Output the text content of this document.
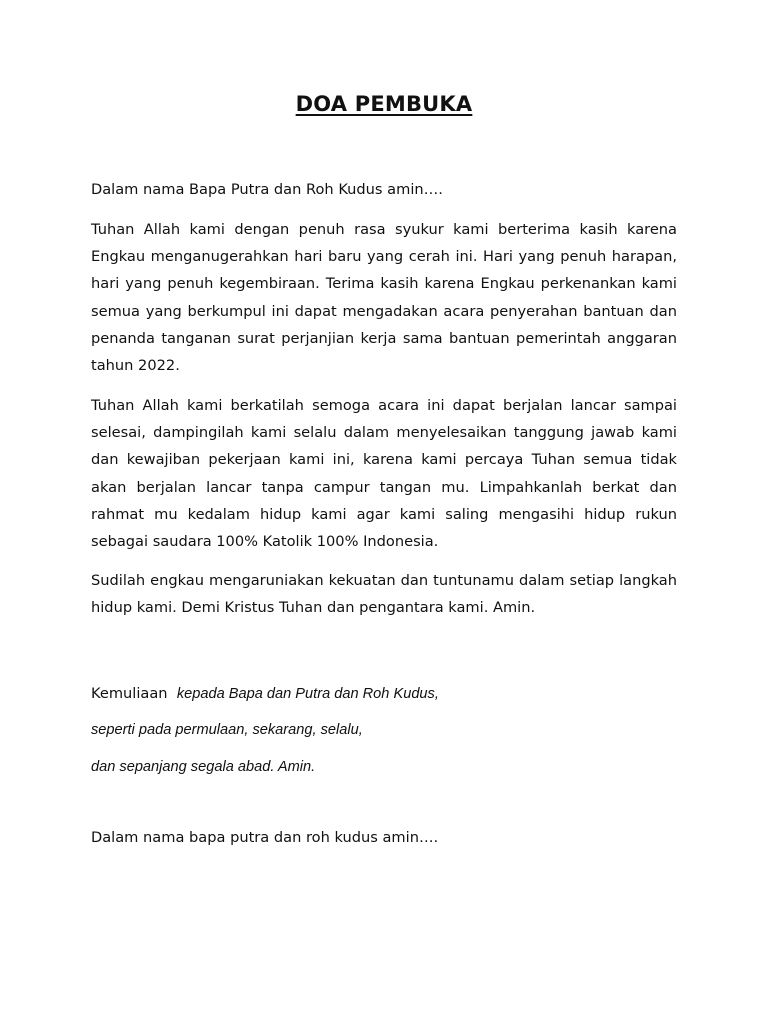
DOA PEMBUKA

Dalam nama Bapa Putra dan Roh Kudus amin….

Tuhan Allah kami dengan penuh rasa syukur kami berterima kasih karena Engkau menganugerahkan hari baru yang cerah ini. Hari yang penuh harapan, hari yang penuh kegembiraan. Terima kasih karena Engkau perkenankan kami semua yang berkumpul ini dapat mengadakan acara penyerahan bantuan dan penanda tanganan surat perjanjian kerja sama bantuan pemerintah anggaran tahun 2022.

Tuhan Allah kami berkatilah semoga acara ini dapat berjalan lancar sampai selesai, dampingilah kami selalu dalam menyelesaikan tanggung jawab kami dan kewajiban pekerjaan kami ini, karena kami percaya Tuhan semua tidak akan berjalan lancar tanpa campur tangan mu. Limpahkanlah berkat dan rahmat mu kedalam hidup kami agar kami saling mengasihi hidup rukun sebagai saudara 100% Katolik 100% Indonesia.

Sudilah engkau mengaruniakan kekuatan dan tuntunamu dalam setiap langkah hidup kami. Demi Kristus Tuhan dan pengantara kami. Amin.

Kemuliaan kepada Bapa dan Putra dan Roh Kudus,

seperti pada permulaan, sekarang, selalu,

dan sepanjang segala abad. Amin.

Dalam nama bapa putra dan roh kudus amin….
